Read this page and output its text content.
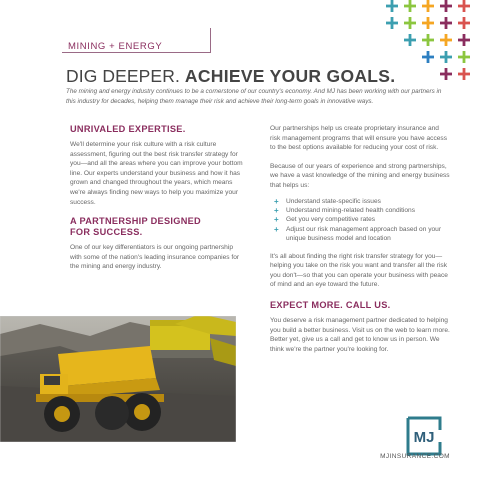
MINING + ENERGY
DIG DEEPER. ACHIEVE YOUR GOALS.
The mining and energy industry continues to be a cornerstone of our country's economy. And MJ has been working with our partners in this industry for decades, helping them manage their risk and achieve their long-term goals in innovative ways.
UNRIVALED EXPERTISE.
We'll determine your risk culture with a risk culture assessment, figuring out the best risk transfer strategy for you—and all the areas where you can improve your bottom line. Our experts understand your business and how it has grown and changed throughout the years, which means we're always finding new ways to help you maximize your success.
A PARTNERSHIP DESIGNED FOR SUCCESS.
One of our key differentiators is our ongoing partnership with some of the nation's leading insurance companies for the mining and energy industry.
Our partnerships help us create proprietary insurance and risk management programs that will ensure you have access to the best options available for reducing your cost of risk.
Because of our years of experience and strong partnerships, we have a vast knowledge of the mining and energy business that helps us:
+ Understand state-specific issues
+ Understand mining-related health conditions
+ Get you very competitive rates
+ Adjust our risk management approach based on your unique business model and location
It's all about finding the right risk transfer strategy for you—helping you take on the risk you want and transfer all the risk you don't—so that you can operate your business with peace of mind and an eye toward the future.
EXPECT MORE. CALL US.
You deserve a risk management partner dedicated to helping you build a better business. Visit us on the web to learn more. Better yet, give us a call and get to know us in person. We think we're the partner you're looking for.
MJ
MJINSURANCE.COM
